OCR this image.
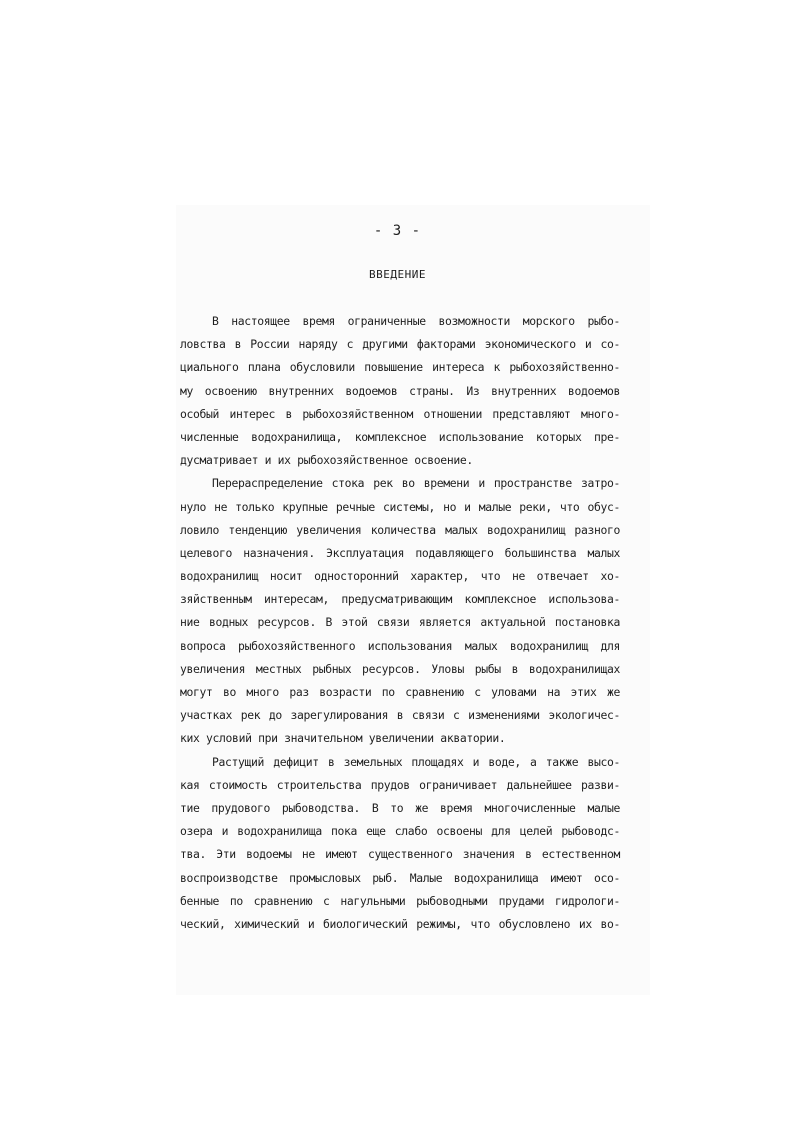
- 3 -
ВВЕДЕНИЕ
В настоящее время ограниченные возможности морского рыбо-
ловства в России наряду с другими факторами экономического и со-
циального плана обусловили повышение интереса к рыбохозяйственно-
му освоению внутренних водоемов страны. Из внутренних водоемов
особый интерес в рыбохозяйственном отношении представляют много-
численные водохранилища, комплексное использование которых пре-
дусматривает и их рыбохозяйственное освоение.
Перераспределение стока рек во времени и пространстве затро-
нуло не только крупные речные системы, но и малые реки, что обус-
ловило тенденцию увеличения количества малых водохранилищ разного
целевого назначения. Эксплуатация подавляющего большинства малых
водохранилищ носит односторонний характер, что не отвечает хо-
зяйственным интересам, предусматривающим комплексное использова-
ние водных ресурсов. В этой связи является актуальной постановка
вопроса рыбохозяйственного использования малых водохранилищ для
увеличения местных рыбных ресурсов. Уловы рыбы в водохранилищах
могут во много раз возрасти по сравнению с уловами на этих же
участках рек до зарегулирования в связи с изменениями экологичес-
ких условий при значительном увеличении акватории.
Растущий дефицит в земельных площадях и воде, а также высо-
кая стоимость строительства прудов ограничивает дальнейшее разви-
тие прудового рыбоводства. В то же время многочисленные малые
озера и водохранилища пока еще слабо освоены для целей рыбоводс-
тва. Эти водоемы не имеют существенного значения в естественном
воспроизводстве промысловых рыб. Малые водохранилища имеют осо-
бенные по сравнению с нагульными рыбоводными прудами гидрологи-
ческий, химический и биологический режимы, что обусловлено их во-
